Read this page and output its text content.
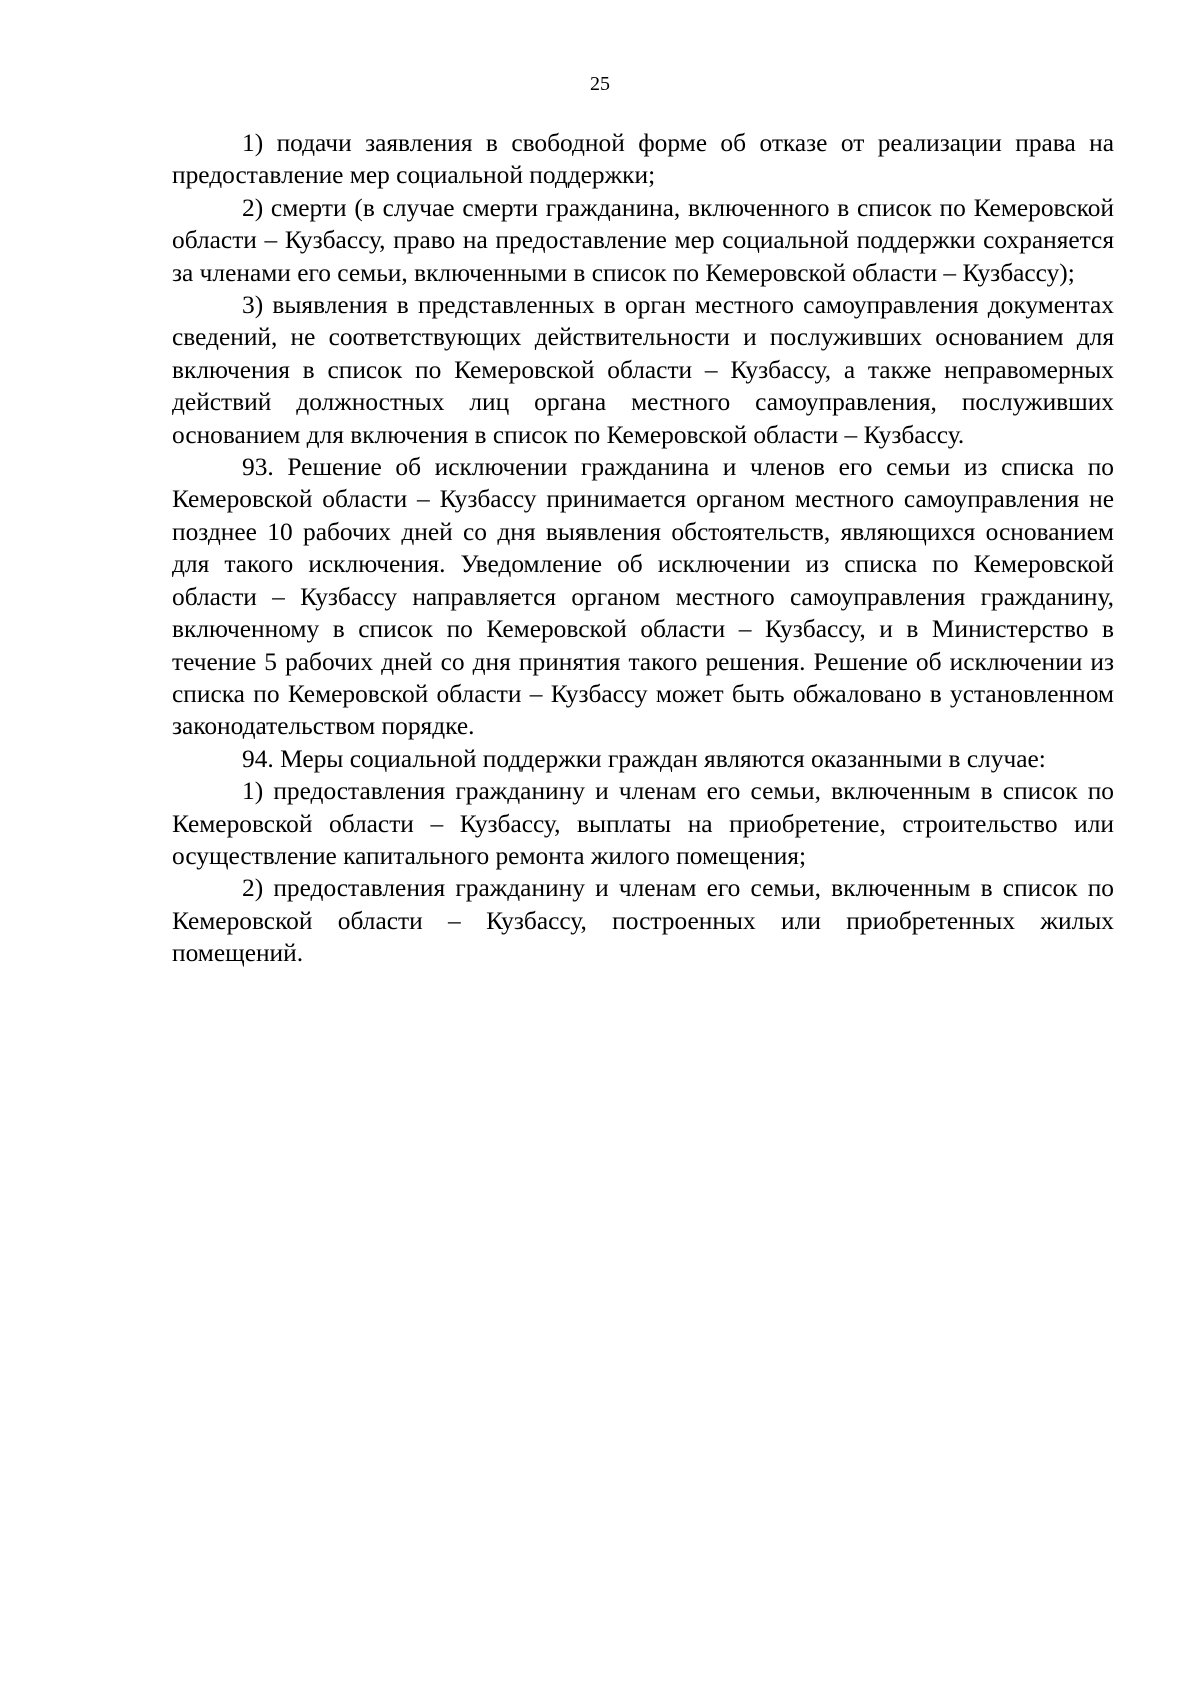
25

1) подачи заявления в свободной форме об отказе от реализации права на предоставление мер социальной поддержки;

2) смерти (в случае смерти гражданина, включенного в список по Кемеровской области – Кузбассу, право на предоставление мер социальной поддержки сохраняется за членами его семьи, включенными в список по Кемеровской области – Кузбассу);

3) выявления в представленных в орган местного самоуправления документах сведений, не соответствующих действительности и послуживших основанием для включения в список по Кемеровской области – Кузбассу, а также неправомерных действий должностных лиц органа местного самоуправления, послуживших основанием для включения в список по Кемеровской области – Кузбассу.

93. Решение об исключении гражданина и членов его семьи из списка по Кемеровской области – Кузбассу принимается органом местного самоуправления не позднее 10 рабочих дней со дня выявления обстоятельств, являющихся основанием для такого исключения. Уведомление об исключении из списка по Кемеровской области – Кузбассу направляется органом местного самоуправления гражданину, включенному в список по Кемеровской области – Кузбассу, и в Министерство в течение 5 рабочих дней со дня принятия такого решения. Решение об исключении из списка по Кемеровской области – Кузбассу может быть обжаловано в установленном законодательством порядке.

94. Меры социальной поддержки граждан являются оказанными в случае:

1) предоставления гражданину и членам его семьи, включенным в список по Кемеровской области – Кузбассу, выплаты на приобретение, строительство или осуществление капитального ремонта жилого помещения;

2) предоставления гражданину и членам его семьи, включенным в список по Кемеровской области – Кузбассу, построенных или приобретенных жилых помещений.
